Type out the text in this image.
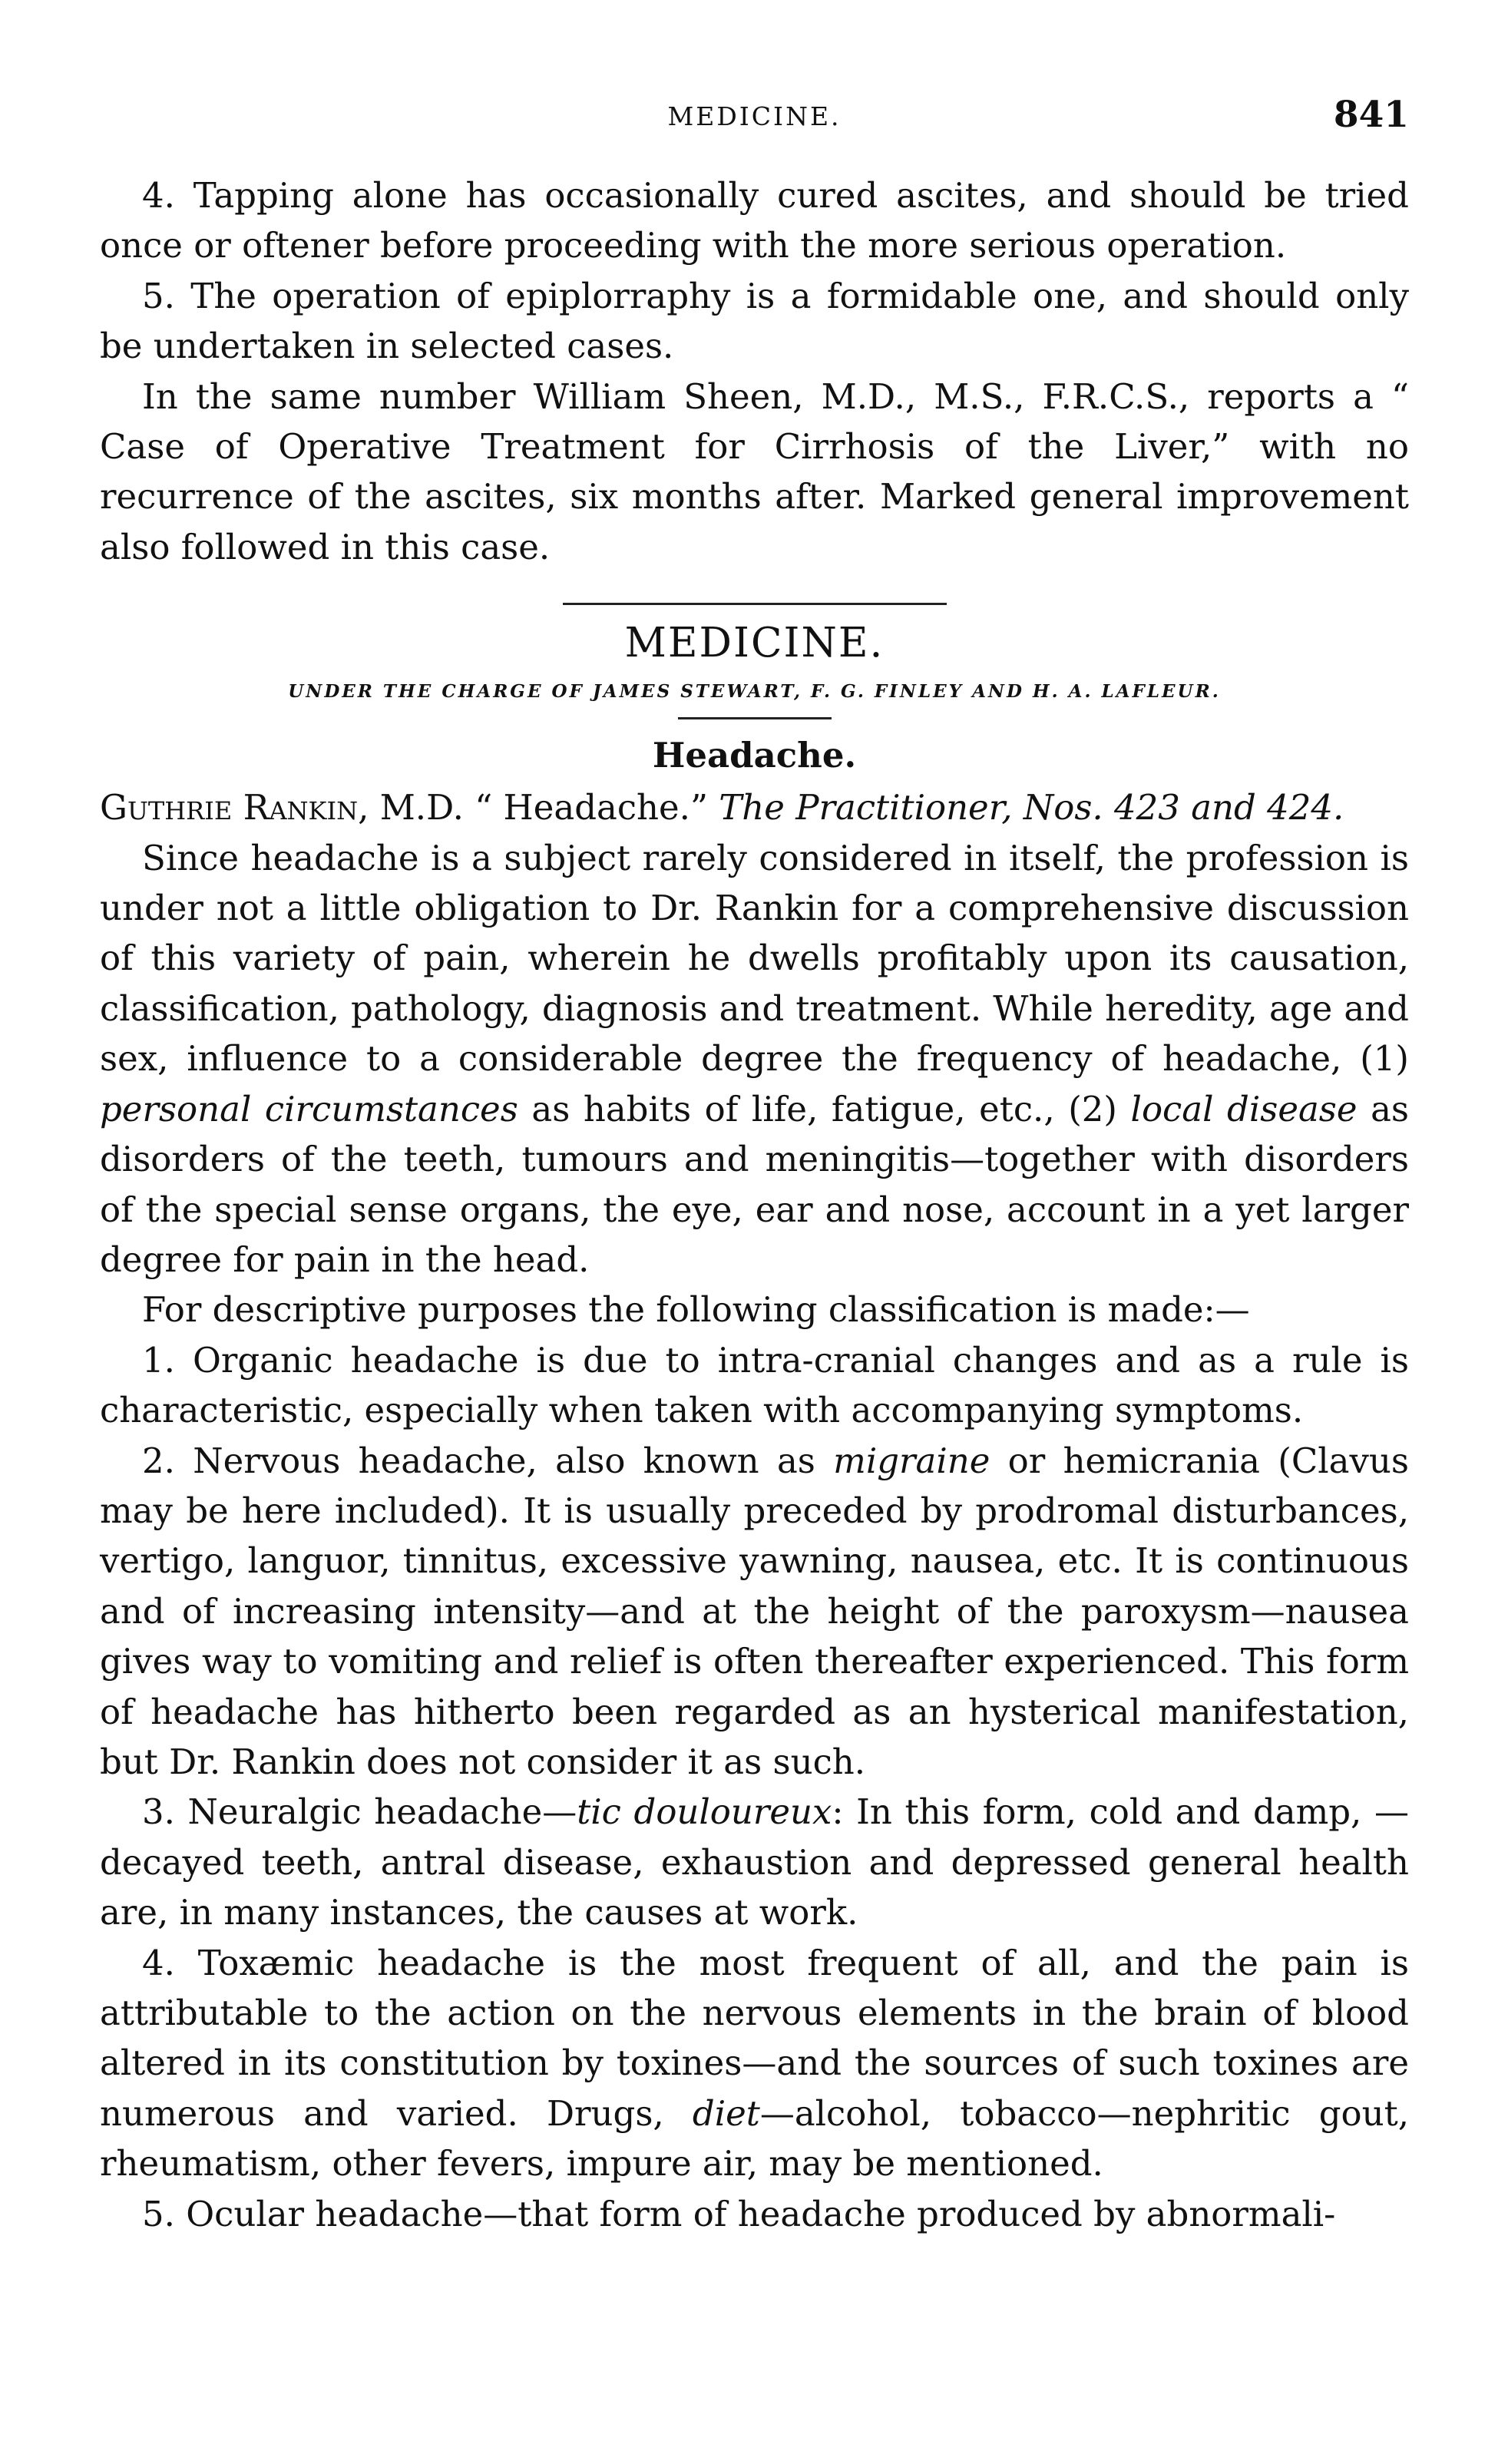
MEDICINE.	841

4. Tapping alone has occasionally cured ascites, and should be tried once or oftener before proceeding with the more serious operation.

5. The operation of epiplorraphy is a formidable one, and should only be undertaken in selected cases.

In the same number William Sheen, M.D., M.S., F.R.C.S., reports a “ Case of Operative Treatment for Cirrhosis of the Liver,” with no recurrence of the ascites, six months after. Marked general improvement also followed in this case.

MEDICINE.
UNDER THE CHARGE OF JAMES STEWART, F. G. FINLEY AND H. A. LAFLEUR.
Headache.

Guthrie Rankin, M.D. “ Headache.” The Practitioner, Nos. 423 and 424.

Since headache is a subject rarely considered in itself, the profession is under not a little obligation to Dr. Rankin for a comprehensive discussion of this variety of pain, wherein he dwells profitably upon its causation, classification, pathology, diagnosis and treatment. While heredity, age and sex, influence to a considerable degree the frequency of headache, (1) personal circumstances as habits of life, fatigue, etc., (2) local disease as disorders of the teeth, tumours and meningitis—together with disorders of the special sense organs, the eye, ear and nose, account in a yet larger degree for pain in the head.

For descriptive purposes the following classification is made:—

1. Organic headache is due to intra-cranial changes and as a rule is characteristic, especially when taken with accompanying symptoms.

2. Nervous headache, also known as migraine or hemicrania (Clavus may be here included). It is usually preceded by prodromal disturbances, vertigo, languor, tinnitus, excessive yawning, nausea, etc. It is continuous and of increasing intensity—and at the height of the paroxysm—nausea gives way to vomiting and relief is often thereafter experienced. This form of headache has hitherto been regarded as an hysterical manifestation, but Dr. Rankin does not consider it as such.

3. Neuralgic headache—tic douloureux: In this form, cold and damp, —decayed teeth, antral disease, exhaustion and depressed general health are, in many instances, the causes at work.

4. Toxæmic headache is the most frequent of all, and the pain is attributable to the action on the nervous elements in the brain of blood altered in its constitution by toxines—and the sources of such toxines are numerous and varied. Drugs, diet—alcohol, tobacco—nephritic gout, rheumatism, other fevers, impure air, may be mentioned.

5. Ocular headache—that form of headache produced by abnormali-
